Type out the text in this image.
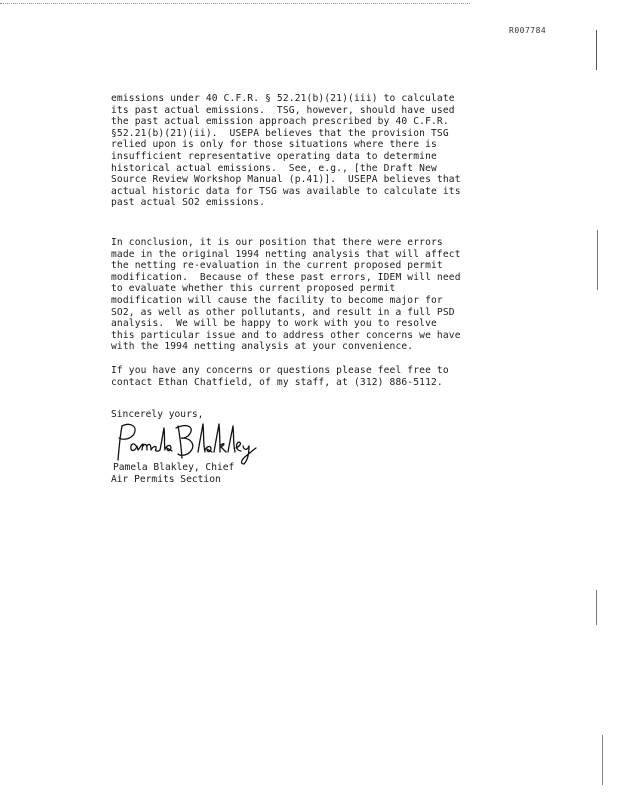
R007784
emissions under 40 C.F.R. § 52.21(b)(21)(iii) to calculate
its past actual emissions.  TSG, however, should have used
the past actual emission approach prescribed by 40 C.F.R.
§52.21(b)(21)(ii).  USEPA believes that the provision TSG
relied upon is only for those situations where there is
insufficient representative operating data to determine
historical actual emissions.  See, e.g., [the Draft New
Source Review Workshop Manual (p.41)].  USEPA believes that
actual historic data for TSG was available to calculate its
past actual SO2 emissions.
In conclusion, it is our position that there were errors
made in the original 1994 netting analysis that will affect
the netting re-evaluation in the current proposed permit
modification.  Because of these past errors, IDEM will need
to evaluate whether this current proposed permit
modification will cause the facility to become major for
SO2, as well as other pollutants, and result in a full PSD
analysis.  We will be happy to work with you to resolve
this particular issue and to address other concerns we have
with the 1994 netting analysis at your convenience.
If you have any concerns or questions please feel free to
contact Ethan Chatfield, of my staff, at (312) 886-5112.
Sincerely yours,
Pamela Blakley, Chief
Air Permits Section
